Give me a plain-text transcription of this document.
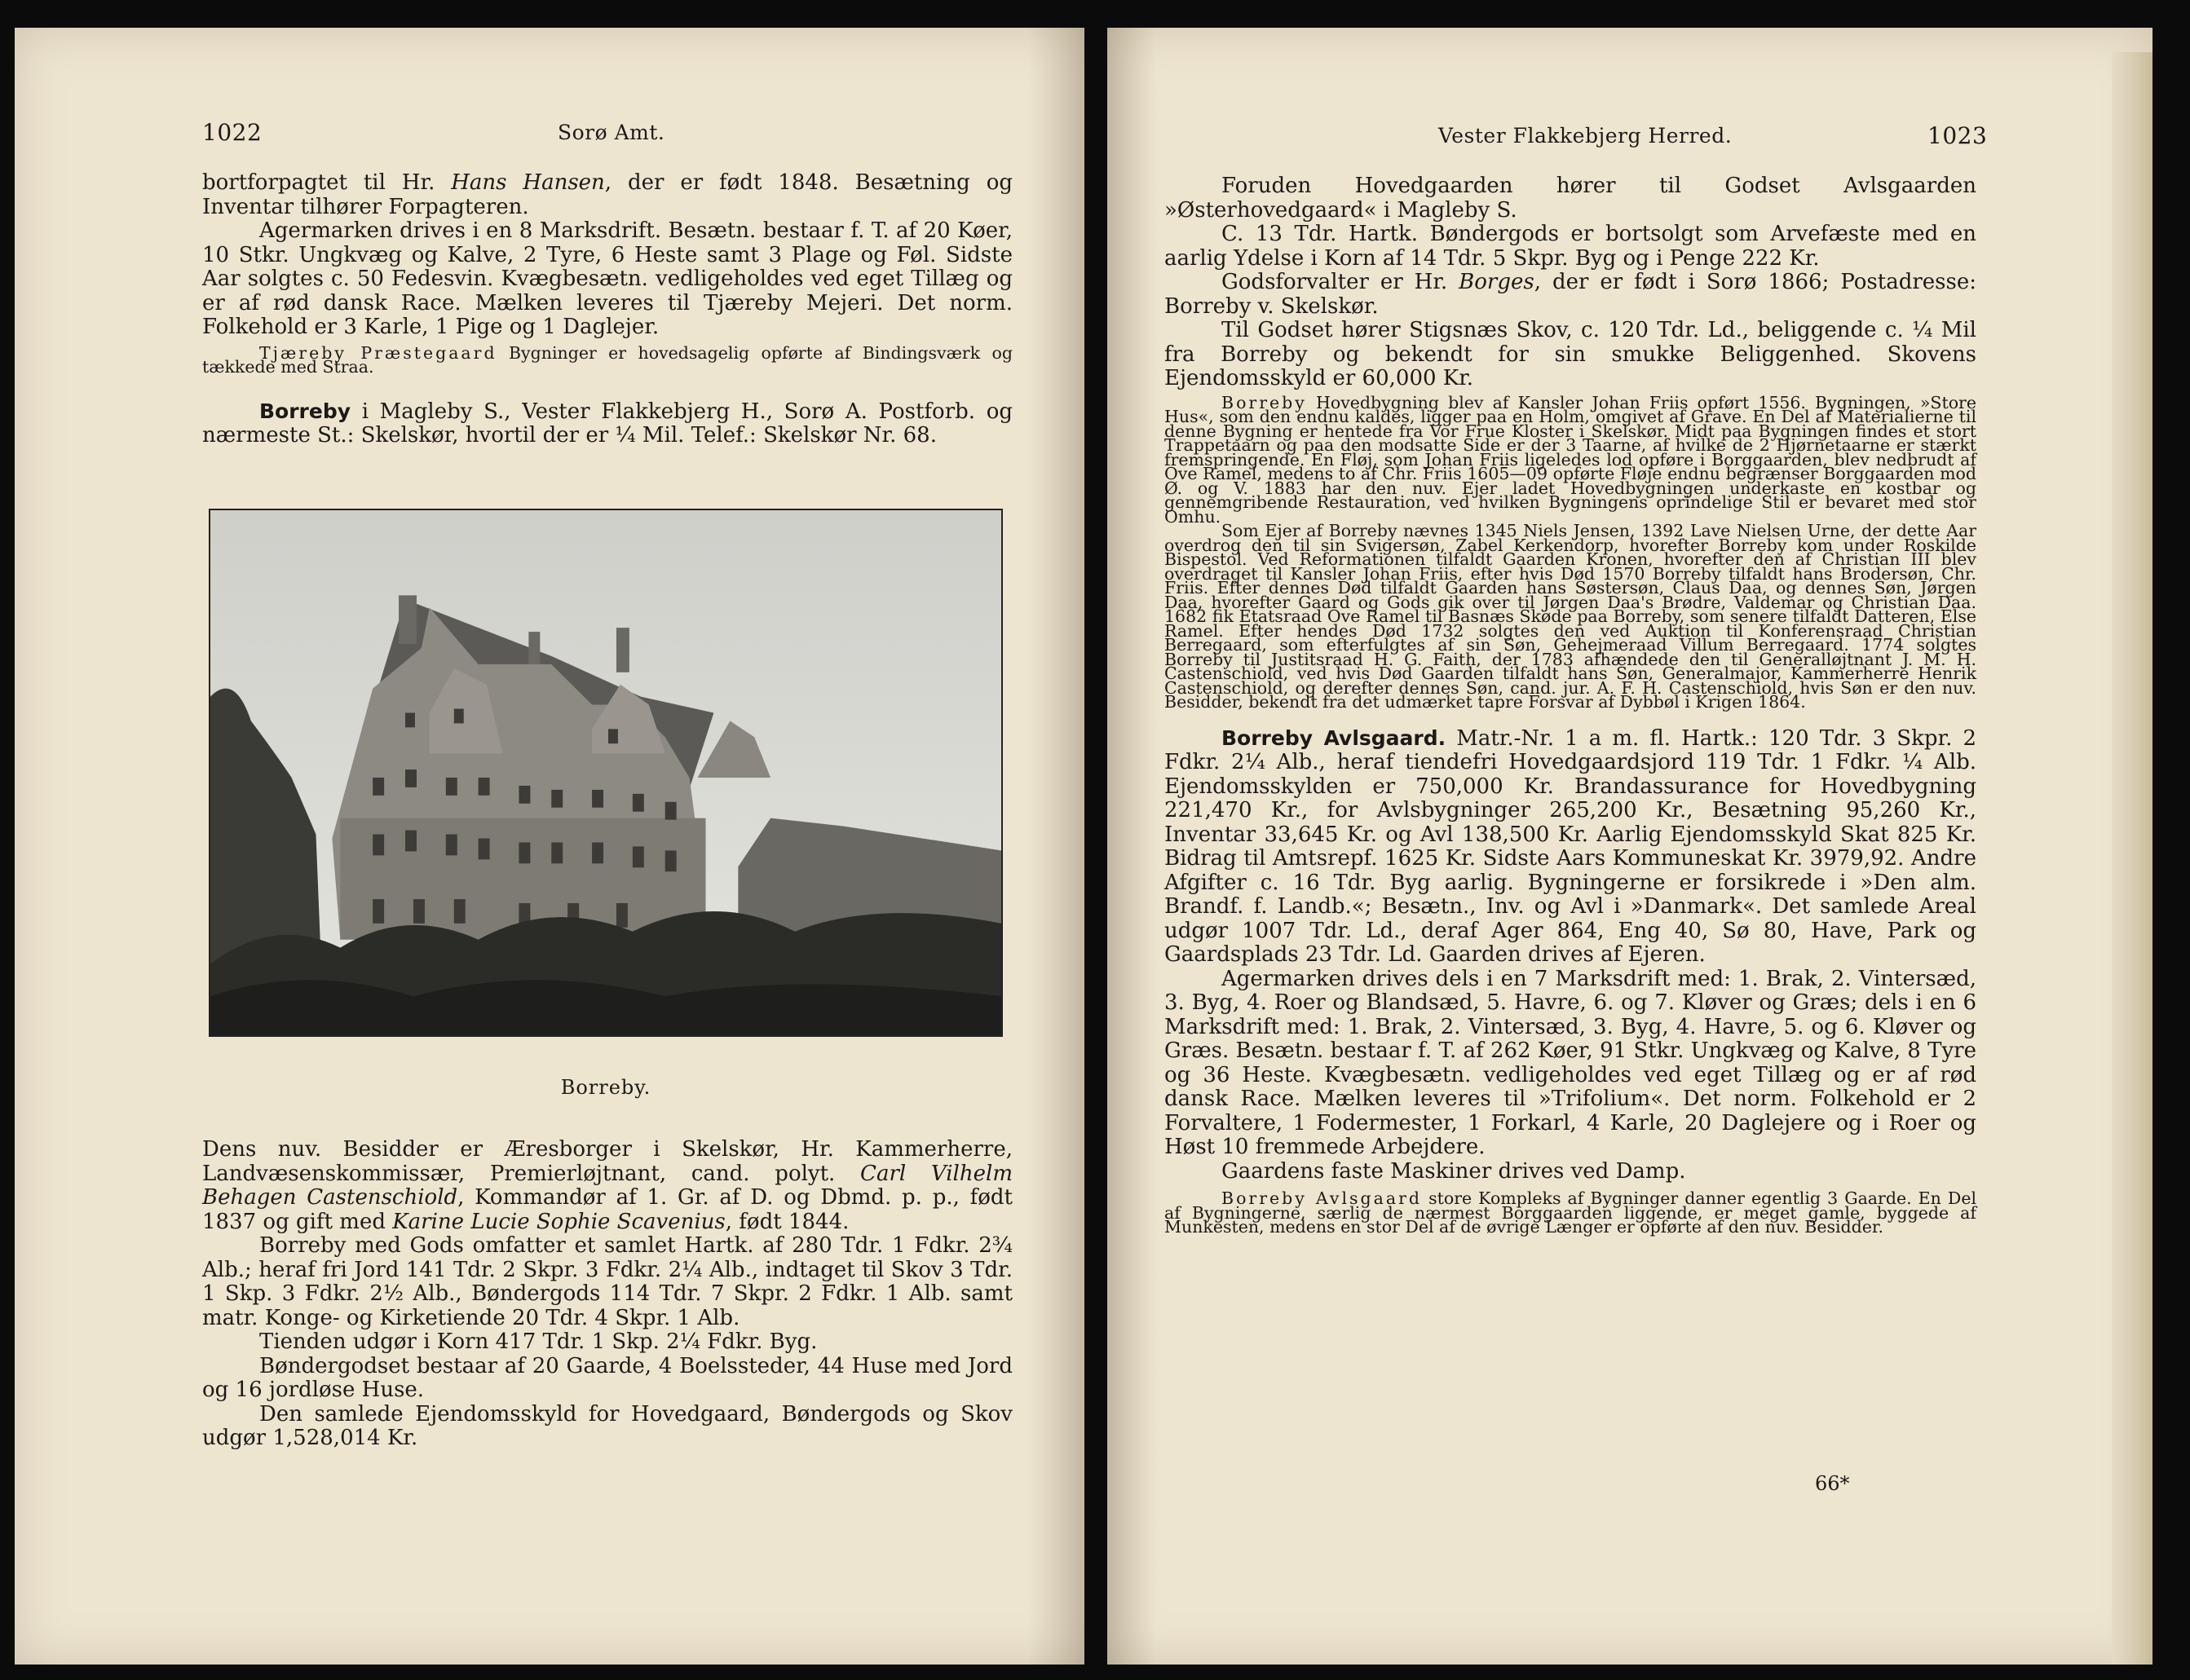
1022	Sorø Amt.

bortforpagtet til Hr. Hans Hansen, der er født 1848. Besætning og Inventar tilhører Forpagteren.

Agermarken drives i en 8 Marksdrift. Besætn. bestaar f. T. af 20 Køer, 10 Stkr. Ungkvæg og Kalve, 2 Tyre, 6 Heste samt 3 Plage og Føl. Sidste Aar solgtes c. 50 Fedesvin. Kvægbesætn. vedligeholdes ved eget Tillæg og er af rød dansk Race. Mælken leveres til Tjæreby Mejeri. Det norm. Folkehold er 3 Karle, 1 Pige og 1 Daglejer.

Tjæreby Præstegaard Bygninger er hovedsagelig opførte af Bindingsværk og tækkede med Straa.

Borreby i Magleby S., Vester Flakkebjerg H., Sorø A. Postforb. og nærmeste St.: Skelskør, hvortil der er ¼ Mil. Telef.: Skelskør Nr. 68.

Borreby.

Dens nuv. Besidder er Æresborger i Skelskør, Hr. Kammerherre, Landvæsenskommissær, Premierløjtnant, cand. polyt. Carl Vilhelm Behagen Castenschiold, Kommandør af 1. Gr. af D. og Dbmd. p. p., født 1837 og gift med Karine Lucie Sophie Scavenius, født 1844.

Borreby med Gods omfatter et samlet Hartk. af 280 Tdr. 1 Fdkr. 2¾ Alb.; heraf fri Jord 141 Tdr. 2 Skpr. 3 Fdkr. 2¼ Alb., indtaget til Skov 3 Tdr. 1 Skp. 3 Fdkr. 2½ Alb., Bøndergods 114 Tdr. 7 Skpr. 2 Fdkr. 1 Alb. samt matr. Konge- og Kirketiende 20 Tdr. 4 Skpr. 1 Alb.

Tienden udgør i Korn 417 Tdr. 1 Skp. 2¼ Fdkr. Byg.

Bøndergodset bestaar af 20 Gaarde, 4 Boelssteder, 44 Huse med Jord og 16 jordløse Huse.

Den samlede Ejendomsskyld for Hovedgaard, Bøndergods og Skov udgør 1,528,014 Kr.

Vester Flakkebjerg Herred.	1023

Foruden Hovedgaarden hører til Godset Avlsgaarden »Østerhovedgaard« i Magleby S.

C. 13 Tdr. Hartk. Bøndergods er bortsolgt som Arvefæste med en aarlig Ydelse i Korn af 14 Tdr. 5 Skpr. Byg og i Penge 222 Kr.

Godsforvalter er Hr. Borges, der er født i Sorø 1866; Postadresse: Borreby v. Skelskør.

Til Godset hører Stigsnæs Skov, c. 120 Tdr. Ld., beliggende c. ¼ Mil fra Borreby og bekendt for sin smukke Beliggenhed. Skovens Ejendomsskyld er 60,000 Kr.

Borreby Hovedbygning blev af Kansler Johan Friis opført 1556. Bygningen, »Store Hus«, som den endnu kaldes, ligger paa en Holm, omgivet af Grave. En Del af Materialierne til denne Bygning er hentede fra Vor Frue Kloster i Skelskør. Midt paa Bygningen findes et stort Trappetaarn og paa den modsatte Side er der 3 Taarne, af hvilke de 2 Hjørnetaarne er stærkt fremspringende. En Fløj, som Johan Friis ligeledes lod opføre i Borggaarden, blev nedbrudt af Ove Ramel, medens to af Chr. Friis 1605—09 opførte Fløje endnu begrænser Borggaarden mod Ø. og V. 1883 har den nuv. Ejer ladet Hovedbygningen underkaste en kostbar og gennemgribende Restauration, ved hvilken Bygningens oprindelige Stil er bevaret med stor Omhu.

Som Ejer af Borreby nævnes 1345 Niels Jensen, 1392 Lave Nielsen Urne, der dette Aar overdrog den til sin Svigersøn, Zabel Kerkendorp, hvorefter Borreby kom under Roskilde Bispestol. Ved Reformationen tilfaldt Gaarden Kronen, hvorefter den af Christian III blev overdraget til Kansler Johan Friis, efter hvis Død 1570 Borreby tilfaldt hans Brodersøn, Chr. Friis. Efter dennes Død tilfaldt Gaarden hans Søstersøn, Claus Daa, og dennes Søn, Jørgen Daa, hvorefter Gaard og Gods gik over til Jørgen Daa's Brødre, Valdemar og Christian Daa. 1682 fik Etatsraad Ove Ramel til Basnæs Skøde paa Borreby, som senere tilfaldt Datteren, Else Ramel. Efter hendes Død 1732 solgtes den ved Auktion til Konferensraad Christian Berregaard, som efterfulgtes af sin Søn, Gehejmeraad Villum Berregaard. 1774 solgtes Borreby til Justitsraad H. G. Faith, der 1783 afhændede den til Generalløjtnant J. M. H. Castenschiold, ved hvis Død Gaarden tilfaldt hans Søn, Generalmajor, Kammerherre Henrik Castenschiold, og derefter dennes Søn, cand. jur. A. F. H. Castenschiold, hvis Søn er den nuv. Besidder, bekendt fra det udmærket tapre Forsvar af Dybbøl i Krigen 1864.

Borreby Avlsgaard. Matr.-Nr. 1 a m. fl. Hartk.: 120 Tdr. 3 Skpr. 2 Fdkr. 2¼ Alb., heraf tiendefri Hovedgaardsjord 119 Tdr. 1 Fdkr. ¼ Alb. Ejendomsskylden er 750,000 Kr. Brandassurance for Hovedbygning 221,470 Kr., for Avlsbygninger 265,200 Kr., Besætning 95,260 Kr., Inventar 33,645 Kr. og Avl 138,500 Kr. Aarlig Ejendomsskyld Skat 825 Kr. Bidrag til Amtsrepf. 1625 Kr. Sidste Aars Kommuneskat Kr. 3979,92. Andre Afgifter c. 16 Tdr. Byg aarlig. Bygningerne er forsikrede i »Den alm. Brandf. f. Landb.«; Besætn., Inv. og Avl i »Danmark«. Det samlede Areal udgør 1007 Tdr. Ld., deraf Ager 864, Eng 40, Sø 80, Have, Park og Gaardsplads 23 Tdr. Ld. Gaarden drives af Ejeren.

Agermarken drives dels i en 7 Marksdrift med: 1. Brak, 2. Vintersæd, 3. Byg, 4. Roer og Blandsæd, 5. Havre, 6. og 7. Kløver og Græs; dels i en 6 Marksdrift med: 1. Brak, 2. Vintersæd, 3. Byg, 4. Havre, 5. og 6. Kløver og Græs. Besætn. bestaar f. T. af 262 Køer, 91 Stkr. Ungkvæg og Kalve, 8 Tyre og 36 Heste. Kvægbesætn. vedligeholdes ved eget Tillæg og er af rød dansk Race. Mælken leveres til »Trifolium«. Det norm. Folkehold er 2 Forvaltere, 1 Fodermester, 1 Forkarl, 4 Karle, 20 Daglejere og i Roer og Høst 10 fremmede Arbejdere.

Gaardens faste Maskiner drives ved Damp.

Borreby Avlsgaard store Kompleks af Bygninger danner egentlig 3 Gaarde. En Del af Bygningerne, særlig de nærmest Borggaarden liggende, er meget gamle, byggede af Munkesten, medens en stor Del af de øvrige Længer er opførte af den nuv. Besidder.

66*
